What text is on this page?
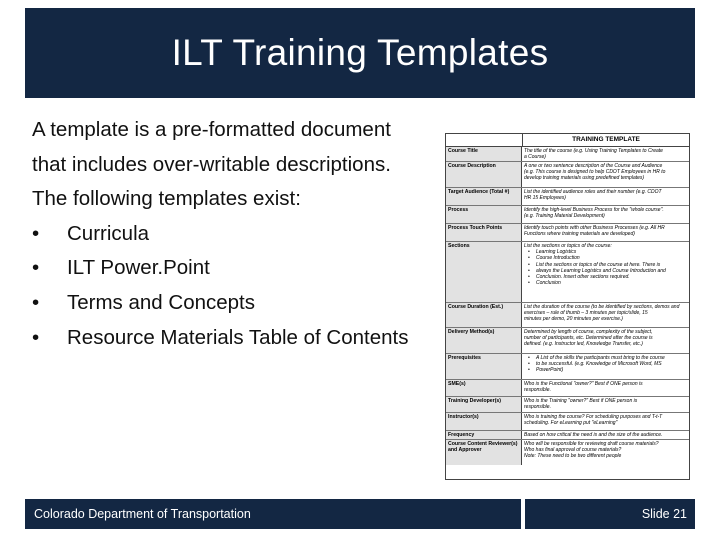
ILT Training Templates

A template is a pre-formatted document

that includes over-writable descriptions.

The following templates exist:

•	Curricula
•	ILT Power.Point
•	Terms and Concepts
•	Resource Materials Table of Contents
TRAINING TEMPLATE
Course Title	The title of the course (e.g. Using Training Templates to Create
a Course)
Course Description	A one or two sentence description of the Course and Audience
(e.g. This course is designed to help CDOT Employees in HR to
develop training materials using predefined templates)
Target Audience (Total #)	List the identified audience roles and their number (e.g. CDOT
HR 15 Employees)
Process	Identify the high-level Business Process for the "whole course".
(e.g. Training Material Development)
Process Touch Points	Identify touch points with other Business Processes (e.g. All HR
Functions where training materials are developed)
Sections	List the sections or topics of the course:
• Learning Logistics
• Course Introduction
• List the sections or topics of the course at here. There is
• always the Learning Logistics and Course Introduction and
• Conclusion. Insert other sections required.
• Conclusion
Course Duration (Est.)	List the duration of the course (to be identified by sections, demos and
exercises – rule of thumb – 3 minutes per topic/slide, 15
minutes per demo, 20 minutes per exercise.)
Delivery Method(s)	Determined by length of course, complexity of the subject,
number of participants, etc. Determined after the course is
defined. (e.g. Instructor led, Knowledge Transfer, etc.)
Prerequisites
•	A List of the skills the participants must bring to the course
• to be successful. (e.g. Knowledge of Microsoft Word, MS
• PowerPoint)
SME(s)	Who is the Functional "owner?" Best if ONE person is
responsible.
Training Developer(s)	Who is the Training "owner?" Best if ONE person is
responsible.
Instructor(s)	Who is training the course? For scheduling purposes and T-t-T
scheduling. For eLearning put "eLearning"
Frequency	Based on how critical the need is and the size of the audience.
Course Content Reviewer(s) and Approver
Who will be responsible for reviewing draft course materials?
Who has final approval of course materials?
Note: These need to be two different people
Colorado Department of Transportation	Slide 21
